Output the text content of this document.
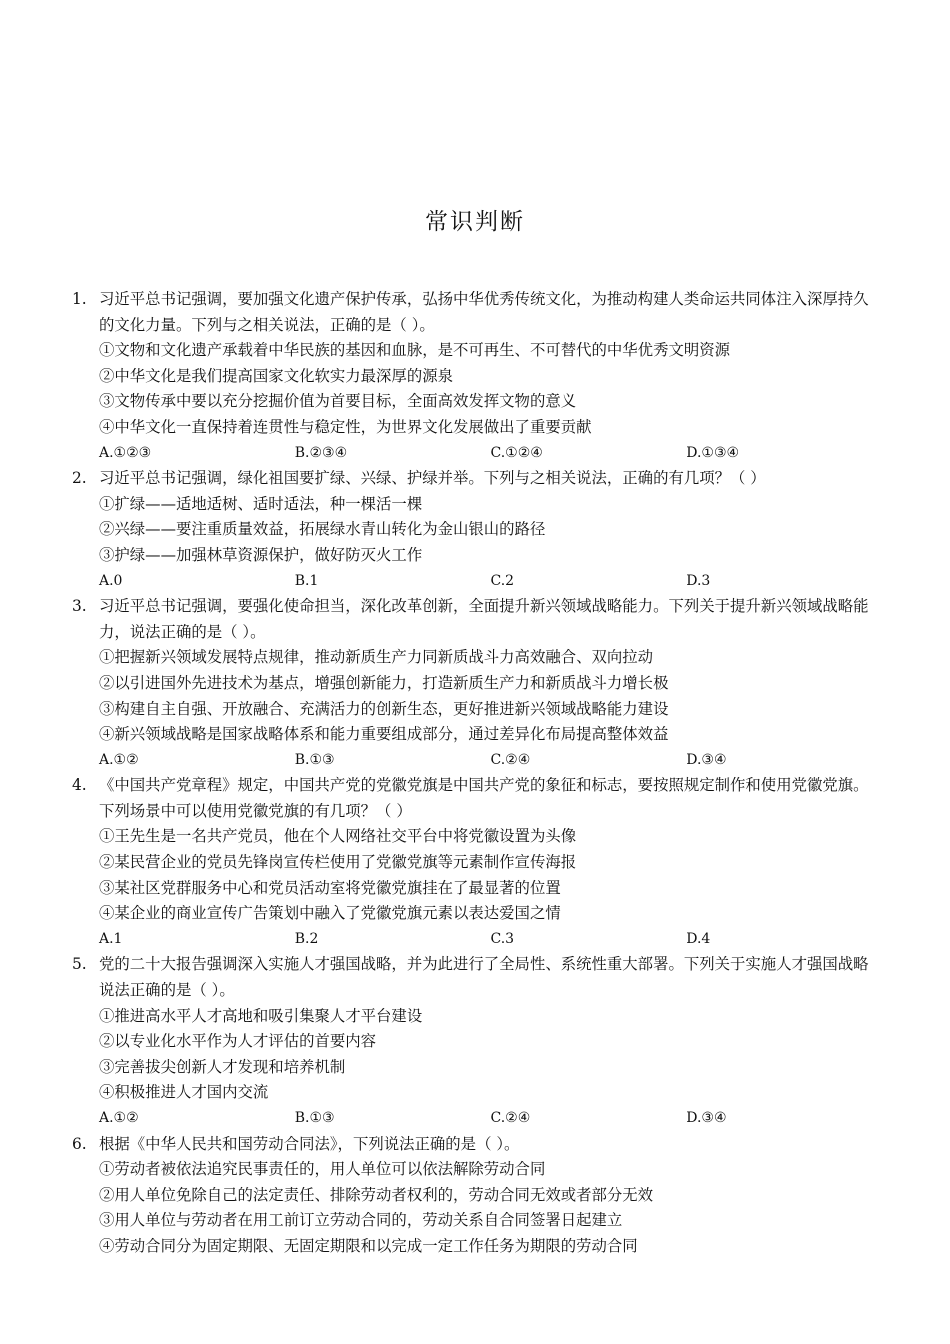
常识判断
1. 习近平总书记强调，要加强文化遗产保护传承，弘扬中华优秀传统文化，为推动构建人类命运共同体注入深厚持久的文化力量。下列与之相关说法，正确的是（ ）。
①文物和文化遗产承载着中华民族的基因和血脉，是不可再生、不可替代的中华优秀文明资源
②中华文化是我们提高国家文化软实力最深厚的源泉
③文物传承中要以充分挖掘价值为首要目标，全面高效发挥文物的意义
④中华文化一直保持着连贯性与稳定性，为世界文化发展做出了重要贡献
A.①②③	B.②③④	C.①②④	D.①③④
2. 习近平总书记强调，绿化祖国要扩绿、兴绿、护绿并举。下列与之相关说法，正确的有几项？（ ）
①扩绿——适地适树、适时适法，种一棵活一棵
②兴绿——要注重质量效益，拓展绿水青山转化为金山银山的路径
③护绿——加强林草资源保护，做好防灭火工作
A.0	B.1	C.2	D.3
3. 习近平总书记强调，要强化使命担当，深化改革创新，全面提升新兴领域战略能力。下列关于提升新兴领域战略能力，说法正确的是（ ）。
①把握新兴领域发展特点规律，推动新质生产力同新质战斗力高效融合、双向拉动
②以引进国外先进技术为基点，增强创新能力，打造新质生产力和新质战斗力增长极
③构建自主自强、开放融合、充满活力的创新生态，更好推进新兴领域战略能力建设
④新兴领域战略是国家战略体系和能力重要组成部分，通过差异化布局提高整体效益
A.①②	B.①③	C.②④	D.③④
4. 《中国共产党章程》规定，中国共产党的党徽党旗是中国共产党的象征和标志，要按照规定制作和使用党徽党旗。下列场景中可以使用党徽党旗的有几项？（ ）
①王先生是一名共产党员，他在个人网络社交平台中将党徽设置为头像
②某民营企业的党员先锋岗宣传栏使用了党徽党旗等元素制作宣传海报
③某社区党群服务中心和党员活动室将党徽党旗挂在了最显著的位置
④某企业的商业宣传广告策划中融入了党徽党旗元素以表达爱国之情
A.1	B.2	C.3	D.4
5. 党的二十大报告强调深入实施人才强国战略，并为此进行了全局性、系统性重大部署。下列关于实施人才强国战略说法正确的是（ ）。
①推进高水平人才高地和吸引集聚人才平台建设
②以专业化水平作为人才评估的首要内容
③完善拔尖创新人才发现和培养机制
④积极推进人才国内交流
A.①②	B.①③	C.②④	D.③④
6. 根据《中华人民共和国劳动合同法》，下列说法正确的是（ ）。
①劳动者被依法追究民事责任的，用人单位可以依法解除劳动合同
②用人单位免除自己的法定责任、排除劳动者权利的，劳动合同无效或者部分无效
③用人单位与劳动者在用工前订立劳动合同的，劳动关系自合同签署日起建立
④劳动合同分为固定期限、无固定期限和以完成一定工作任务为期限的劳动合同
